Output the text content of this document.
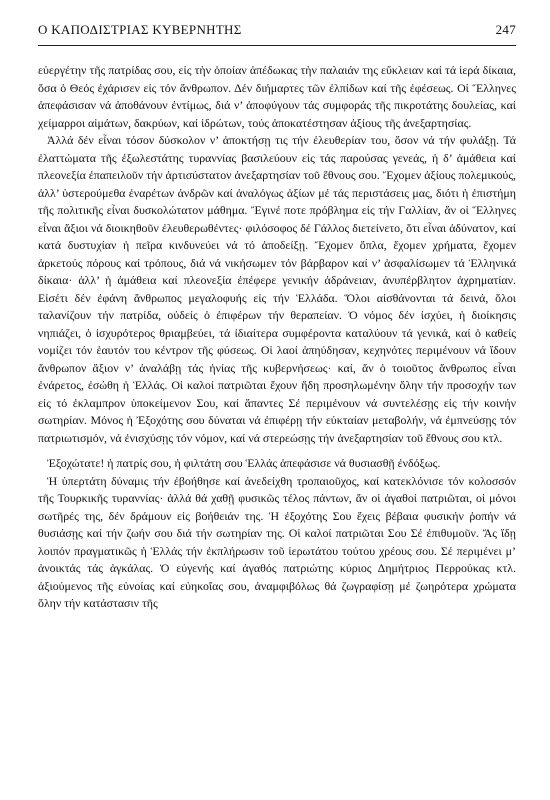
Ο ΚΑΠΟΔΙΣΤΡΙΑΣ ΚΥΒΕΡΝΗΤΗΣ	247

εὐεργέτην τῆς πατρίδας σου, εἰς τὴν ὁποίαν ἀπέδωκας τὴν παλαιάν της εὔκλειαν καί τά ἱερά δίκαια, ὅσα ὁ Θεός ἐχάρισεν εἰς τόν ἄνθρωπον. Δέν διήμαρτες τῶν ἐλπίδων καί τῆς ἐφέσεως. Οἱ Ἕλληνες ἀπεφάσισαν νά ἀποθάνουν ἐντίμως, διά ν’ ἀποφύγουν τάς συμφοράς τῆς πικροτάτης δουλείας, καί χείμαρροι αἱμάτων, δακρύων, καί ἱδρώτων, τούς ἀποκατέστησαν ἀξίους τῆς ἀνεξαρτησίας.

Ἀλλά δέν εἶναι τόσον δύσκολον ν’ ἀποκτήσῃ τις τήν ἐλευθερίαν του, ὅσον νά τήν φυλάξῃ. Τά ἐλαττώματα τῆς ἐξωλεστάτης τυραννίας βασιλεύουν εἰς τάς παρούσας γενεάς, ἡ δ’ ἀμάθεια καί πλεονεξία ἐπαπειλοῦν τήν ἀρτισύστατον ἀνεξαρτησίαν τοῦ ἔθνους σου. Ἔχομεν ἀξίους πολεμικούς, ἀλλ’ ὑστερούμεθα ἐναρέτων ἀνδρῶν καί ἀναλόγως ἀξίων μέ τάς περιστάσεις μας, διότι ἡ ἐπιστήμη τῆς πολιτικῆς εἶναι δυσκολώτατον μάθημα. Ἔγινέ ποτε πρόβλημα εἰς τήν Γαλλίαν, ἄν οἱ Ἕλληνες εἶναι ἄξιοι νά διοικηθοῦν ἐλευθερωθέντες· φιλόσοφος δέ Γάλλος διετείνετο, ὅτι εἶναι ἀδύνατον, καί κατά δυστυχίαν ἡ πεῖρα κινδυνεύει νά τό ἀποδείξῃ. Ἔχομεν ὅπλα, ἔχομεν χρήματα, ἔχομεν ἀρκετούς πόρους καί τρόπους, διά νά νικήσωμεν τόν βάρβαρον καί ν’ ἀσφαλίσωμεν τά Ἑλληνικά δίκαια· ἀλλ’ ἡ ἀμάθεια καί πλεονεξία ἐπέφερε γενικήν ἀδράνειαν, ἀνυπέρβλητον ἀχρηματίαν. Εἰσέτι δέν ἐφάνη ἄνθρωπος μεγαλοφυής εἰς τήν Ἑλλάδα. Ὅλοι αἰσθάνονται τά δεινά, ὅλοι ταλανίζουν τήν πατρίδα, οὐδείς ὁ ἐπιφέρων τήν θεραπείαν. Ὁ νόμος δέν ἰσχύει, ἡ διοίκησις νηπιάζει, ὁ ἰσχυρότερος θριαμβεύει, τά ἰδιαίτερα συμφέροντα καταλύουν τά γενικά, καί ὁ καθείς νομίζει τόν ἑαυτόν του κέντρον τῆς φύσεως. Οἱ λαοί ἀπηύδησαν, κεχηνότες περιμένουν νά ἴδουν ἄνθρωπον ἄξιον ν’ ἀναλάβῃ τάς ἡνίας τῆς κυβερνήσεως· καί, ἄν ὁ τοιοῦτος ἄνθρωπος εἶναι ἐνάρετος, ἐσώθη ἡ Ἑλλάς. Οἱ καλοί πατριῶται ἔχουν ἤδη προσηλωμένην ὅλην τήν προσοχήν των εἰς τό ἐκλαμπρον ὑποκείμενον Σου, καί ἅπαντες Σέ περιμένουν νά συντελέσῃς εἰς τήν κοινήν σωτηρίαν. Μόνος ἡ Ἐξοχότης σου δύναται νά ἐπιφέρῃ τήν εὐκταίαν μεταβολήν, νά ἐμπνεύσῃς τόν πατριωτισμόν, νά ἐνισχύσῃς τόν νόμον, καί νά στερεώσῃς τήν ἀνεξαρτησίαν τοῦ ἔθνους σου κτλ.

Ἐξοχώτατε! ἡ πατρίς σου, ἡ φιλτάτη σου Ἑλλάς ἀπεφάσισε νά θυσιασθῇ ἐνδόξως.

Ἡ ὑπερτάτη δύναμις τήν ἐβοήθησε καί ἀνεδείχθη τροπαιοῦχος, καί κατεκλόνισε τόν κολοσσόν τῆς Τουρκικῆς τυραννίας· ἀλλά θά χαθῇ φυσικῶς τέλος πάντων, ἄν οἱ ἀγαθοί πατριῶται, οἱ μόνοι σωτῆρές της, δέν δράμουν εἰς βοήθειάν της. Ἡ ἐξοχότης Σου ἔχεις βέβαια φυσικήν ῥοπήν νά θυσιάσῃς καί τήν ζωήν σου διά τήν σωτηρίαν της. Οἱ καλοί πατριῶται Σου Σέ ἐπιθυμοῦν. Ἄς ἴδῃ λοιπόν πραγματικῶς ἡ Ἑλλάς τήν ἐκπλήρωσιν τοῦ ἱερωτάτου τούτου χρέους σου. Σέ περιμένει μ’ ἀνοικτάς τάς ἀγκάλας. Ὁ εὐγενής καί ἀγαθός πατριώτης κύριος Δημήτριος Περρούκας κτλ. ἀξιούμενος τῆς εὐνοίας καί εὐηκοΐας σου, ἀναμφιβόλως θά ζωγραφίσῃ μέ ζωηρότερα χρώματα ὅλην τήν κατάστασιν τῆς
